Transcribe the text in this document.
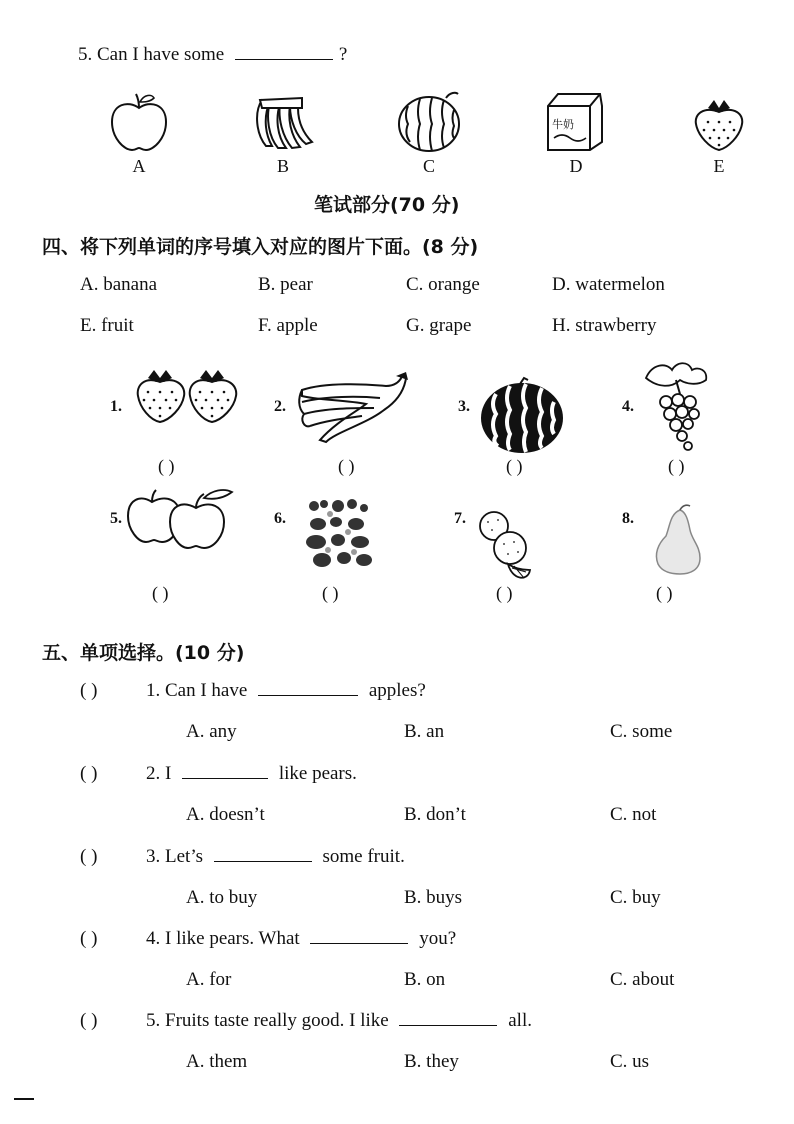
5. Can I have some	?
A	B	C
牛奶
D	E
笔试部分(70 分)
四、将下列单词的序号填入对应的图片下面。(8 分)
A. banana	B. pear	C. orange	D. watermelon
E. fruit	F. apple	G. grape	H. strawberry
1.
( )
2.
( )
3.
( )
4.
( )
5.
( )
6.
( )
7.
( )
8.
( )
五、单项选择。(10 分)
( )	1. Can I have	apples?
A. any	B. an	C. some
( )	2. I	like pears.
A. doesn’t	B. don’t	C. not
( )	3. Let’s	some fruit.
A. to buy	B. buys	C. buy
( )	4. I like pears. What	you?
A. for	B. on	C. about
( )	5. Fruits taste really good. I like	all.
A. them	B. they	C. us
